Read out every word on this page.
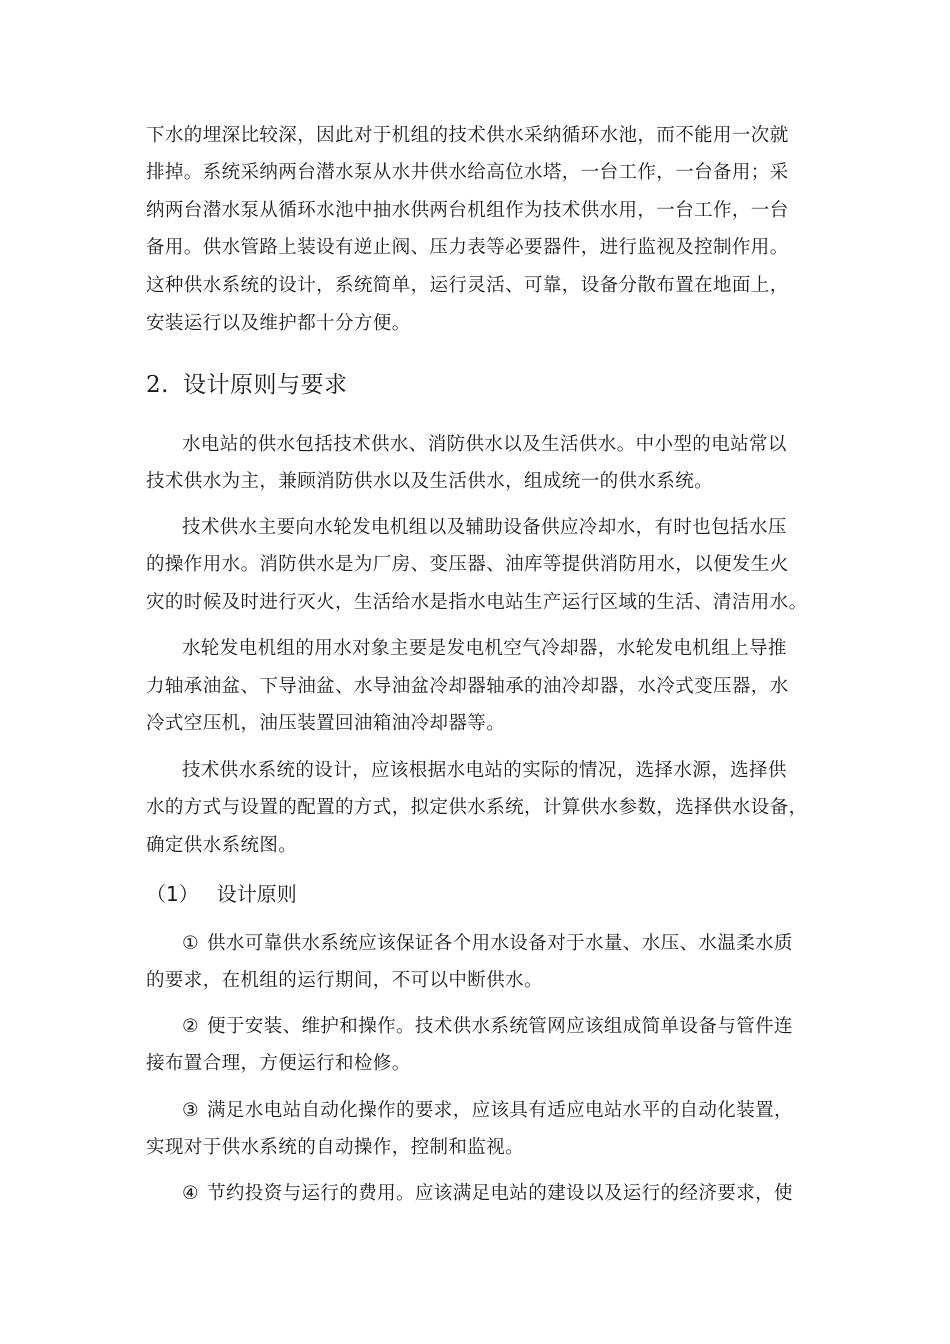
下水的埋深比较深，因此对于机组的技术供水采纳循环水池，而不能用一次就
排掉。系统采纳两台潜水泵从水井供水给高位水塔，一台工作，一台备用；采
纳两台潜水泵从循环水池中抽水供两台机组作为技术供水用，一台工作，一台
备用。供水管路上装设有逆止阀、压力表等必要器件，进行监视及控制作用。
这种供水系统的设计，系统简单，运行灵活、可靠，设备分散布置在地面上，
安装运行以及维护都十分方便。
2. 设计原则与要求
水电站的供水包括技术供水、消防供水以及生活供水。中小型的电站常以
技术供水为主，兼顾消防供水以及生活供水，组成统一的供水系统。
技术供水主要向水轮发电机组以及辅助设备供应冷却水，有时也包括水压
的操作用水。消防供水是为厂房、变压器、油库等提供消防用水，以便发生火
灾的时候及时进行灭火，生活给水是指水电站生产运行区域的生活、清洁用水。
水轮发电机组的用水对象主要是发电机空气冷却器，水轮发电机组上导推
力轴承油盆、下导油盆、水导油盆冷却器轴承的油冷却器，水冷式变压器，水
冷式空压机，油压装置回油箱油冷却器等。
技术供水系统的设计，应该根据水电站的实际的情况，选择水源，选择供
水的方式与设置的配置的方式，拟定供水系统，计算供水参数，选择供水设备，
确定供水系统图。
（1） 设计原则
① 供水可靠供水系统应该保证各个用水设备对于水量、水压、水温柔水质
的要求，在机组的运行期间，不可以中断供水。
② 便于安装、维护和操作。技术供水系统管网应该组成简单设备与管件连
接布置合理，方便运行和检修。
③ 满足水电站自动化操作的要求，应该具有适应电站水平的自动化装置，
实现对于供水系统的自动操作，控制和监视。
④ 节约投资与运行的费用。应该满足电站的建设以及运行的经济要求，使
